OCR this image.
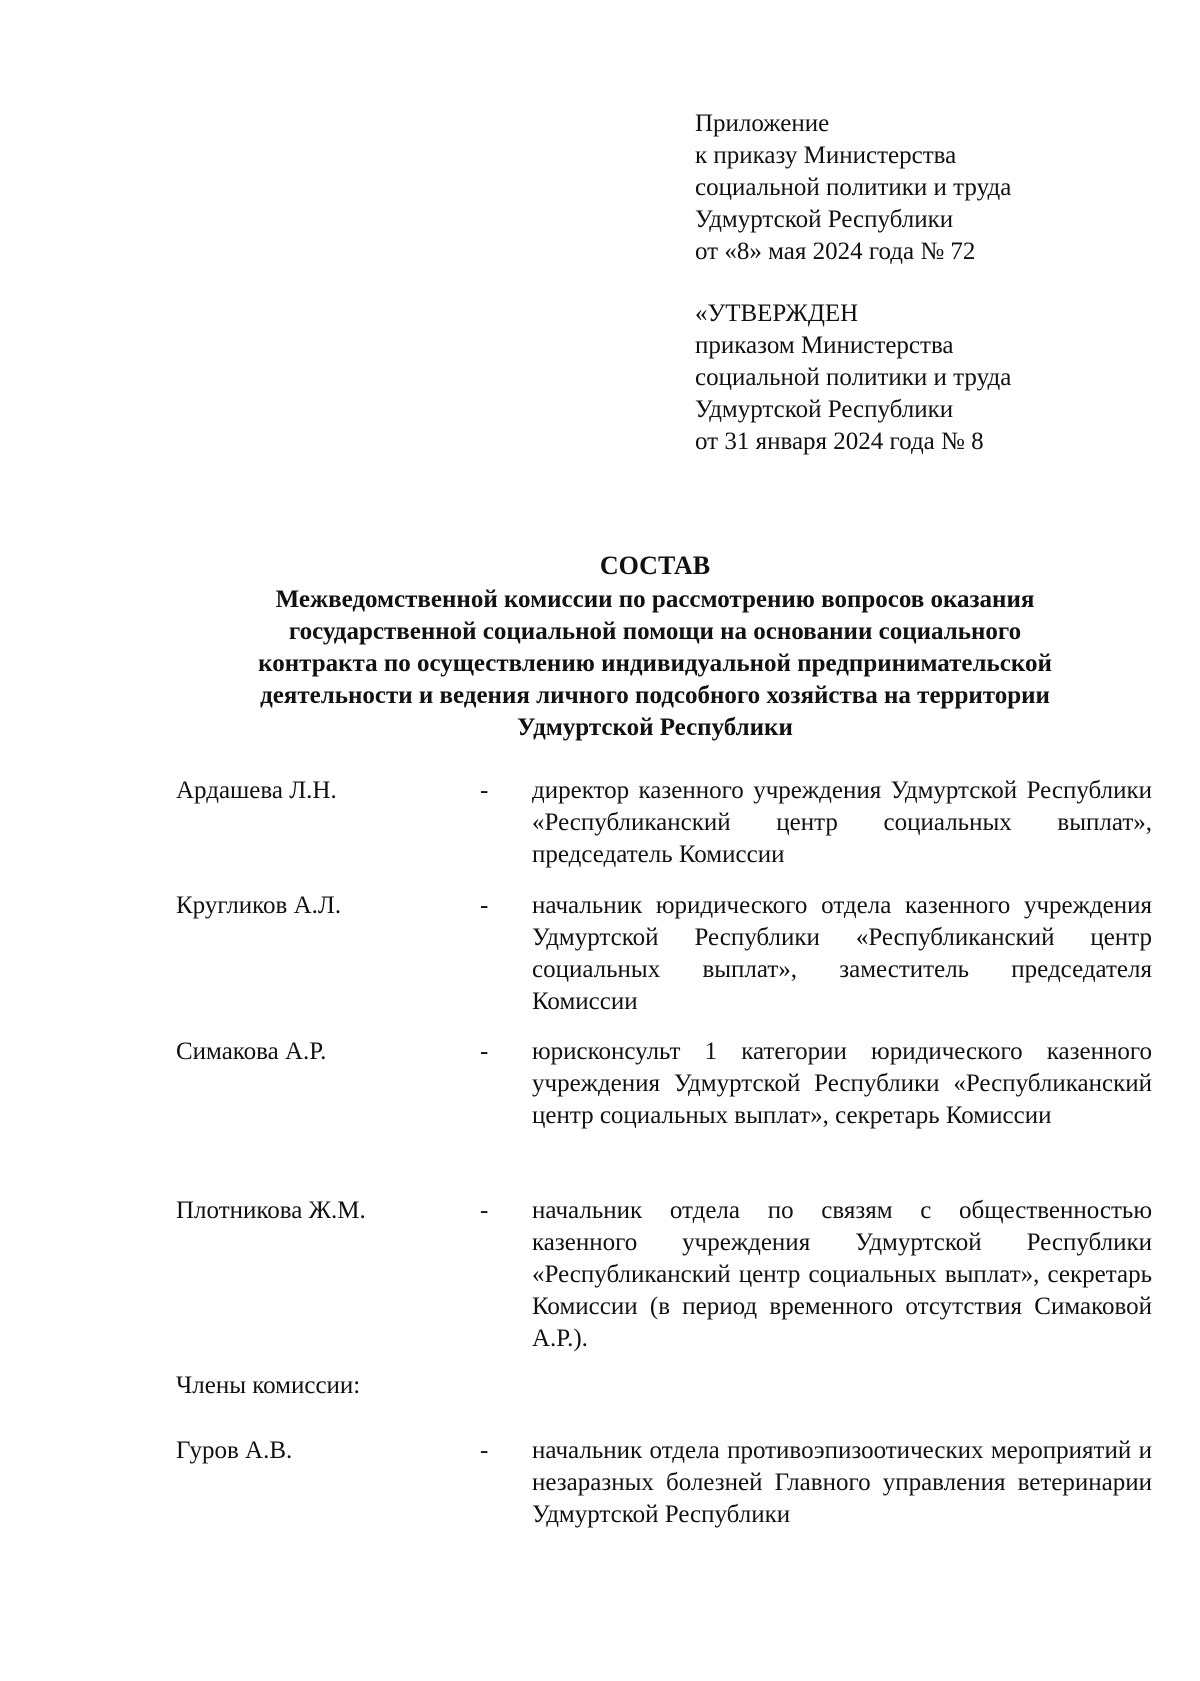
Приложение
к приказу Министерства
социальной политики и труда
Удмуртской Республики
от «8» мая 2024 года № 72
«УТВЕРЖДЕН
приказом Министерства
социальной политики и труда
Удмуртской Республики
от 31 января 2024 года № 8
СОСТАВ
Межведомственной комиссии по рассмотрению вопросов оказания
государственной социальной помощи на основании социального
контракта по осуществлению индивидуальной предпринимательской
деятельности и ведения личного подсобного хозяйства на территории
Удмуртской Республики
Ардашева Л.Н.	- директор казенного учреждения Удмуртской Республики «Республиканский центр социальных выплат», председатель Комиссии
Кругликов А.Л.	- начальник юридического отдела казенного учреждения Удмуртской Республики «Республиканский центр социальных выплат», заместитель председателя Комиссии
Симакова А.Р.	- юрисконсульт 1 категории юридического казенного учреждения Удмуртской Республики «Республиканский центр социальных выплат», секретарь Комиссии
Плотникова Ж.М.	- начальник отдела по связям с общественностью казенного учреждения Удмуртской Республики «Республиканский центр социальных выплат», секретарь Комиссии (в период временного отсутствия Симаковой А.Р.).
Члены комиссии:
Гуров А.В.	- начальник отдела противоэпизоотических мероприятий и незаразных болезней Главного управления ветеринарии Удмуртской Республики
